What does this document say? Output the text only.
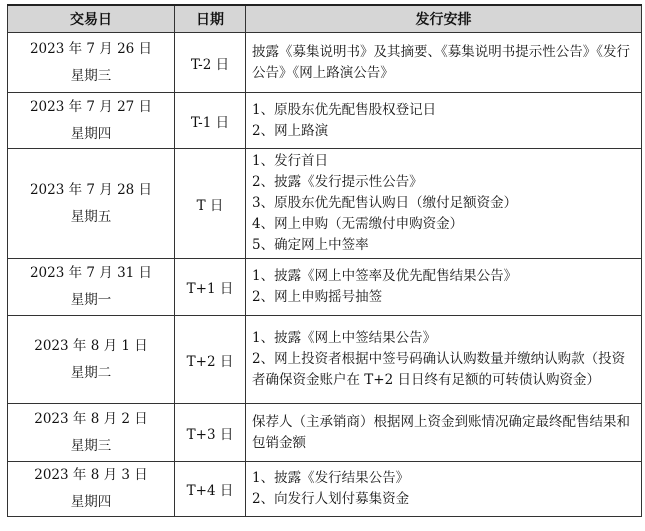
交易日	日期	发行安排

2023 年 7 月 26 日
星期三	T-2 日	披露《募集说明书》及其摘要、《募集说明书提示性公告》《发行公告》《网上路演公告》

2023 年 7 月 27 日
星期四	T-1 日	1、原股东优先配售股权登记日
2、网上路演

2023 年 7 月 28 日
星期五	T 日	1、发行首日
2、披露《发行提示性公告》
3、原股东优先配售认购日（缴付足额资金）
4、网上申购（无需缴付申购资金）
5、确定网上中签率

2023 年 7 月 31 日
星期一	T+1 日	1、披露《网上中签率及优先配售结果公告》
2、网上申购摇号抽签

2023 年 8 月 1 日
星期二	T+2 日	1、披露《网上中签结果公告》
2、网上投资者根据中签号码确认认购数量并缴纳认购款（投资者确保资金账户在 T+2 日日终有足额的可转债认购资金）

2023 年 8 月 2 日
星期三	T+3 日	保荐人（主承销商）根据网上资金到账情况确定最终配售结果和包销金额

2023 年 8 月 3 日
星期四	T+4 日	1、披露《发行结果公告》
2、向发行人划付募集资金
